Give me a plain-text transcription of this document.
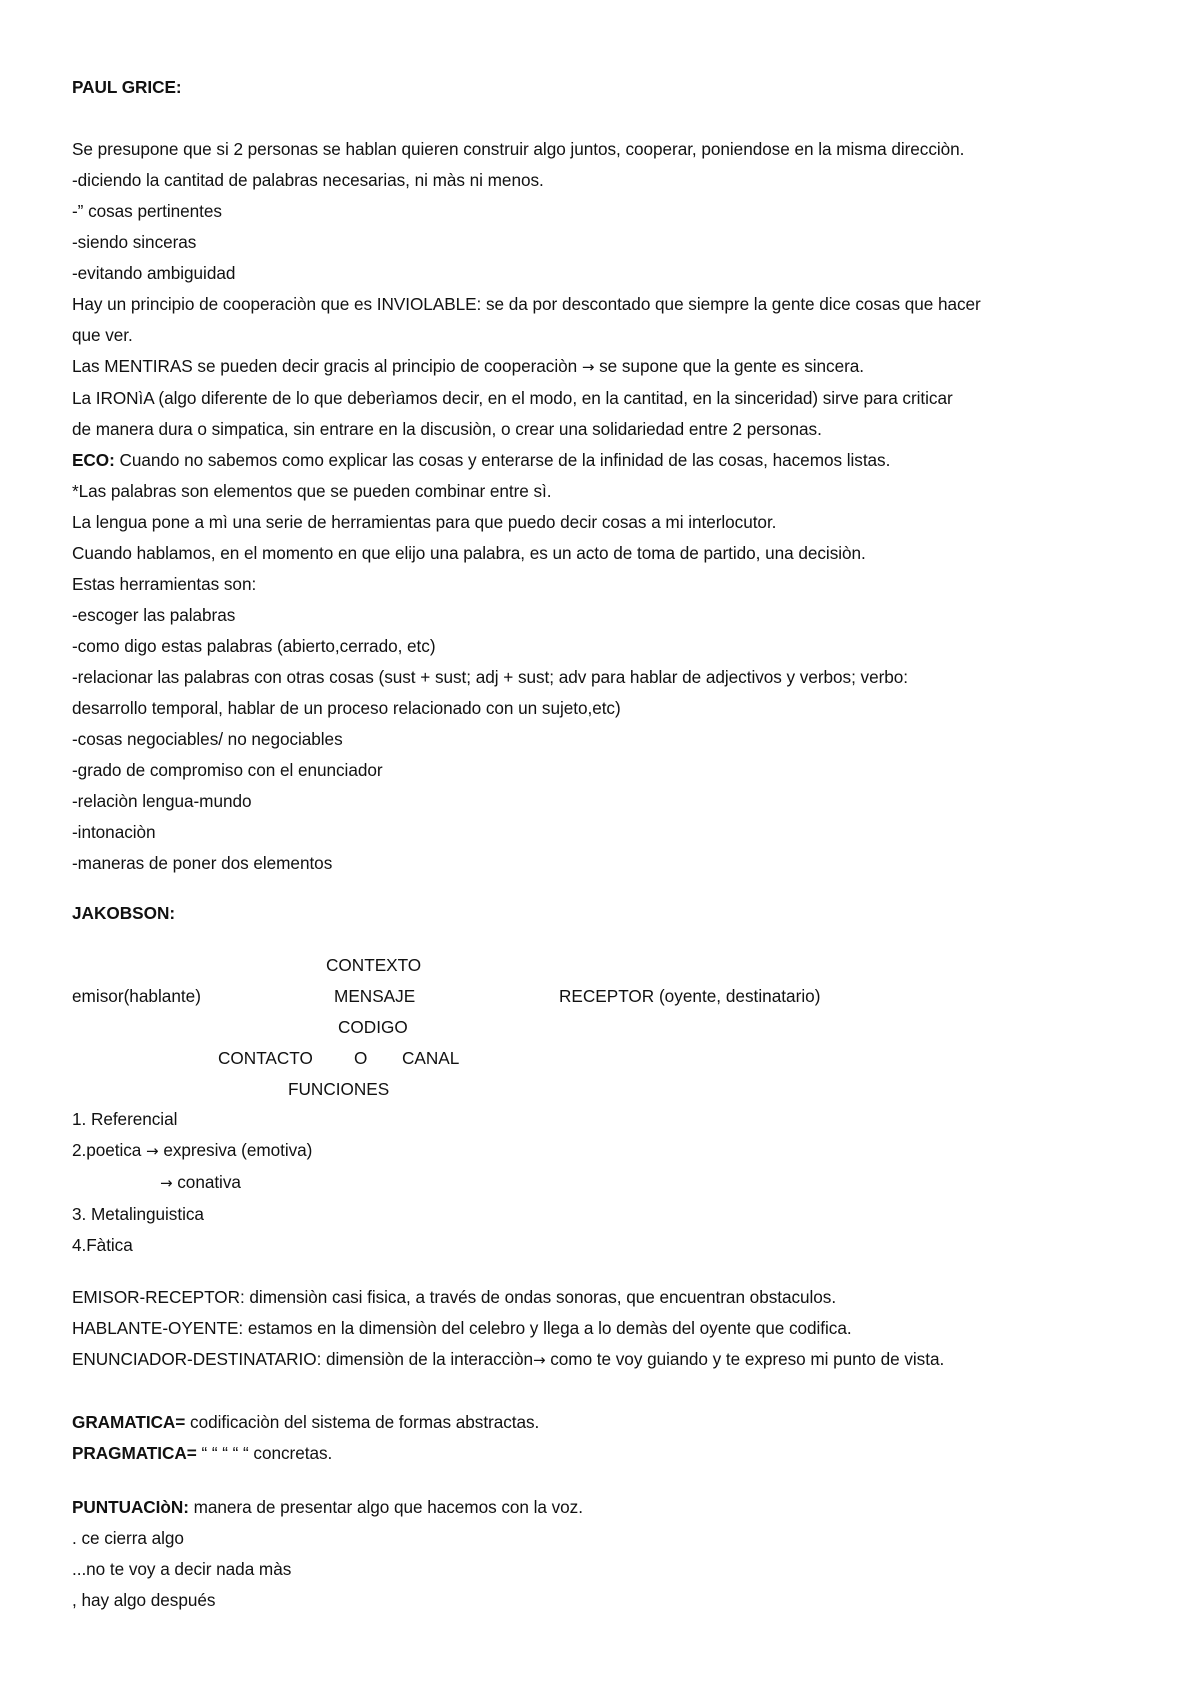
PAUL GRICE:

Se presupone que si 2 personas se hablan quieren construir algo juntos, cooperar, poniendose en la misma direcciòn.

-diciendo la cantitad de palabras necesarias, ni màs ni menos.

-” cosas pertinentes

-siendo sinceras

-evitando ambiguidad

Hay un principio de cooperaciòn que es INVIOLABLE: se da por descontado que siempre la gente dice cosas que hacer

que ver.

Las MENTIRAS se pueden decir gracis al principio de cooperaciòn → se supone que la gente es sincera.

La IRONìA (algo diferente de lo que deberìamos decir, en el modo, en la cantitad, en la sinceridad) sirve para criticar

de manera dura o simpatica, sin entrare en la discusiòn, o crear una solidariedad entre 2 personas.

ECO: Cuando no sabemos como explicar las cosas y enterarse de la infinidad de las cosas, hacemos listas.

*Las palabras son elementos que se pueden combinar entre sì.

La lengua pone a mì una serie de herramientas para que puedo decir cosas a mi interlocutor.

Cuando hablamos, en el momento en que elijo una palabra, es un acto de toma de partido, una decisiòn.

Estas herramientas son:

-escoger las palabras

-como digo estas palabras (abierto,cerrado, etc)

-relacionar las palabras con otras cosas (sust + sust; adj + sust; adv para hablar de adjectivos y verbos; verbo:

desarrollo temporal, hablar de un proceso relacionado con un sujeto,etc)

-cosas negociables/ no negociables

-grado de compromiso con el enunciador

-relaciòn lengua-mundo

-intonaciòn

-maneras de poner dos elementos

JAKOBSON:
CONTEXTO
emisor(hablante)	MENSAJE	RECEPTOR (oyente, destinatario)
CODIGO
CONTACTO O CANAL
FUNCIONES

1. Referencial

2.poetica → expresiva (emotiva)

→ conativa

3. Metalinguistica

4.Fàtica

EMISOR-RECEPTOR: dimensiòn casi fisica, a través de ondas sonoras, que encuentran obstaculos.

HABLANTE-OYENTE: estamos en la dimensiòn del celebro y llega a lo demàs del oyente que codifica.

ENUNCIADOR-DESTINATARIO: dimensiòn de la interacciòn→ como te voy guiando y te expreso mi punto de vista.

GRAMATICA= codificaciòn del sistema de formas abstractas.

PRAGMATICA= “ “ “ “ “ concretas.

PUNTUACIòN: manera de presentar algo que hacemos con la voz.

. ce cierra algo

...no te voy a decir nada màs

, hay algo después
